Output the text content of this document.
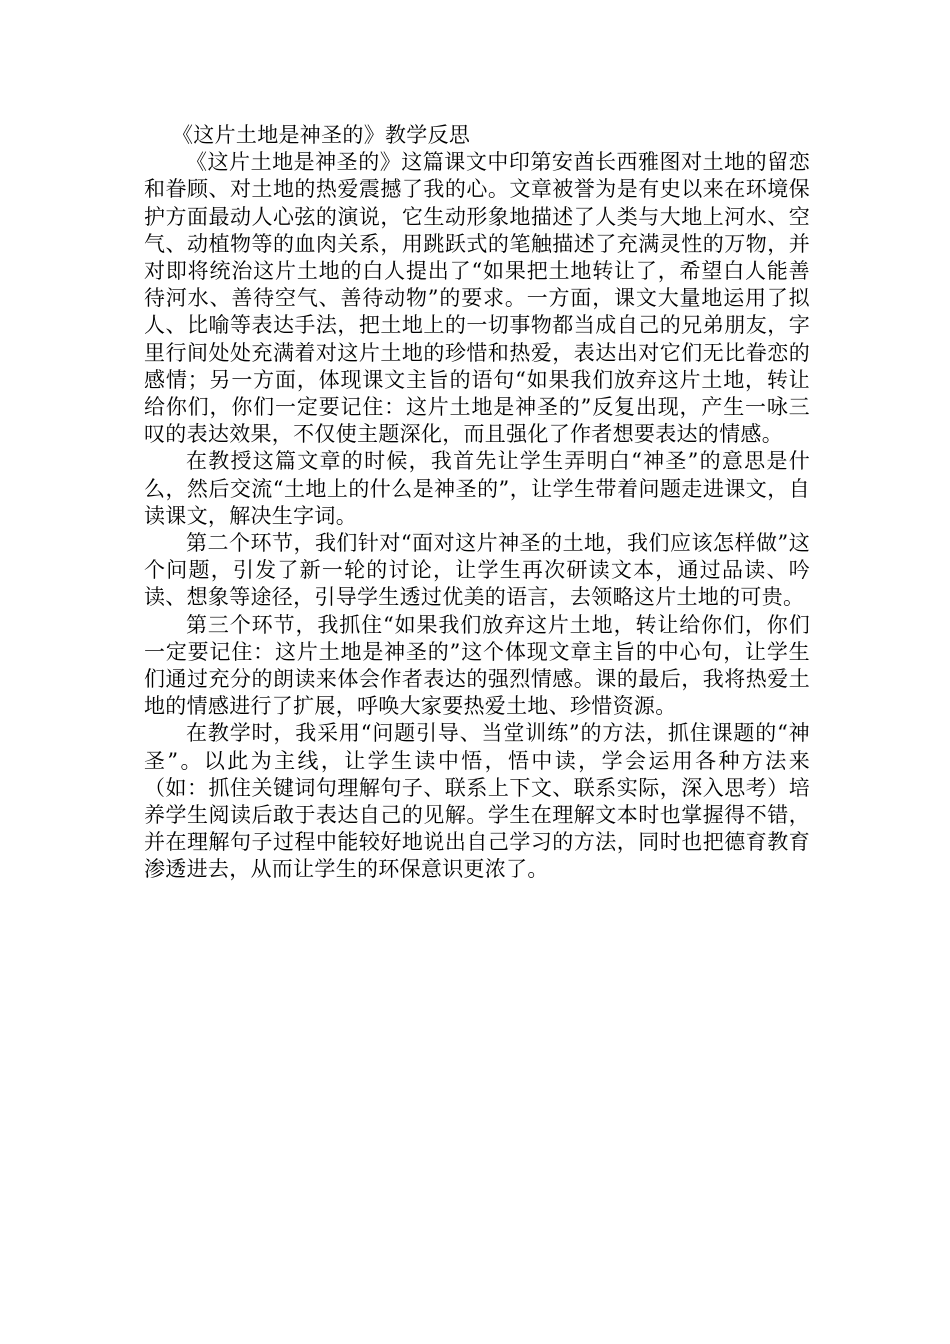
《这片土地是神圣的》教学反思

《这片土地是神圣的》这篇课文中印第安酋长西雅图对土地的留恋和眷顾、对土地的热爱震撼了我的心。文章被誉为是有史以来在环境保护方面最动人心弦的演说，它生动形象地描述了人类与大地上河水、空气、动植物等的血肉关系，用跳跃式的笔触描述了充满灵性的万物，并对即将统治这片土地的白人提出了“如果把土地转让了，希望白人能善待河水、善待空气、善待动物”的要求。一方面，课文大量地运用了拟人、比喻等表达手法，把土地上的一切事物都当成自己的兄弟朋友，字里行间处处充满着对这片土地的珍惜和热爱，表达出对它们无比眷恋的感情；另一方面，体现课文主旨的语句“如果我们放弃这片土地，转让给你们，你们一定要记住：这片土地是神圣的”反复出现，产生一咏三叹的表达效果，不仅使主题深化，而且强化了作者想要表达的情感。

在教授这篇文章的时候，我首先让学生弄明白“神圣”的意思是什么，然后交流“土地上的什么是神圣的”，让学生带着问题走进课文，自读课文，解决生字词。

第二个环节，我们针对“面对这片神圣的土地，我们应该怎样做”这个问题，引发了新一轮的讨论，让学生再次研读文本，通过品读、吟读、想象等途径，引导学生透过优美的语言，去领略这片土地的可贵。

第三个环节，我抓住“如果我们放弃这片土地，转让给你们，你们一定要记住：这片土地是神圣的”这个体现文章主旨的中心句，让学生们通过充分的朗读来体会作者表达的强烈情感。课的最后，我将热爱土地的情感进行了扩展，呼唤大家要热爱土地、珍惜资源。

在教学时，我采用“问题引导、当堂训练”的方法，抓住课题的“神圣”。以此为主线，让学生读中悟，悟中读，学会运用各种方法来（如：抓住关键词句理解句子、联系上下文、联系实际，深入思考）培养学生阅读后敢于表达自己的见解。学生在理解文本时也掌握得不错，并在理解句子过程中能较好地说出自己学习的方法，同时也把德育教育渗透进去，从而让学生的环保意识更浓了。
